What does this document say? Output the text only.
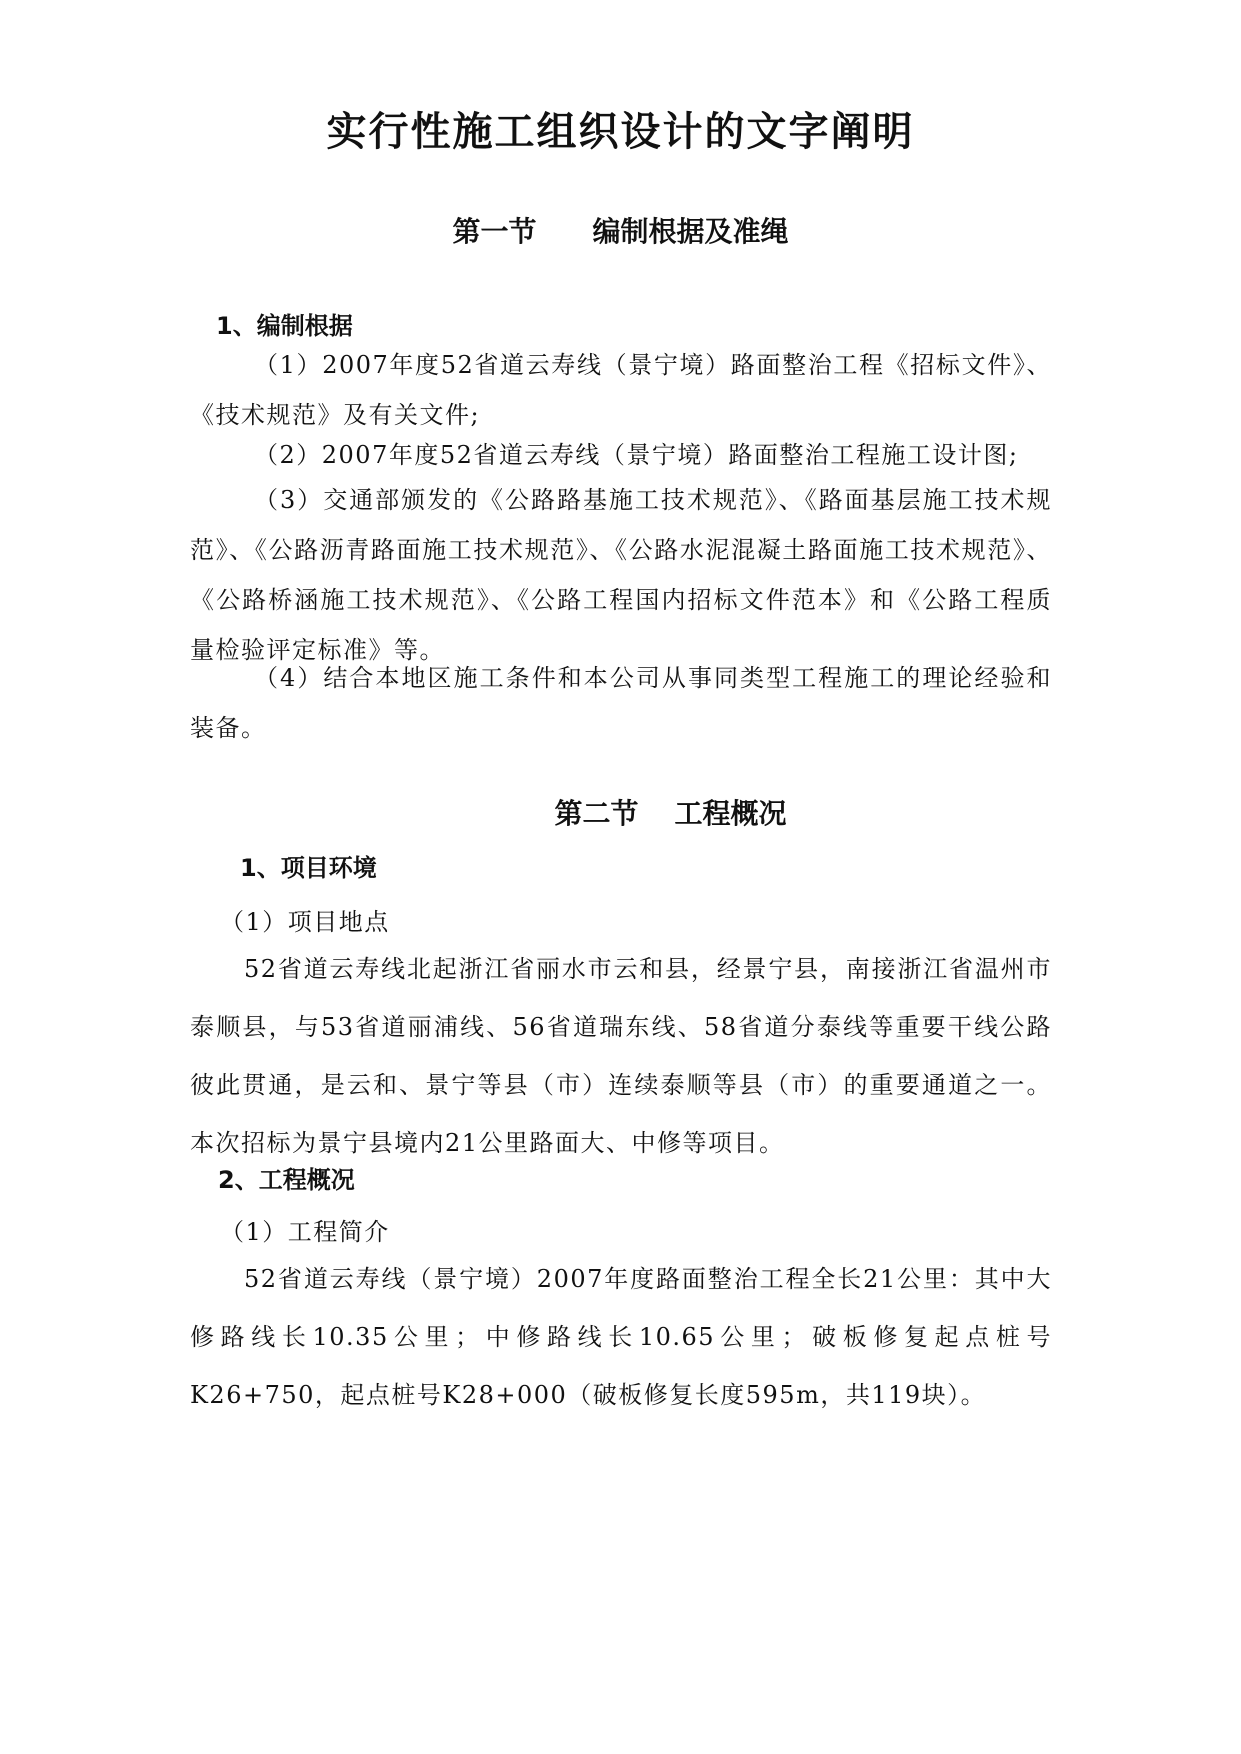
实行性施工组织设计的文字阐明
第一节 编制根据及准绳
1、编制根据
（1）2007年度52省道云寿线（景宁境）路面整治工程《招标文件》、《技术规范》及有关文件;
（2）2007年度52省道云寿线（景宁境）路面整治工程施工设计图;
（3）交通部颁发的《公路路基施工技术规范》、《路面基层施工技术规范》、《公路沥青路面施工技术规范》、《公路水泥混凝土路面施工技术规范》、《公路桥涵施工技术规范》、《公路工程国内招标文件范本》和《公路工程质量检验评定标准》等。
（4）结合本地区施工条件和本公司从事同类型工程施工的理论经验和装备。
第二节 工程概况
1、项目环境
（1）项目地点
52省道云寿线北起浙江省丽水市云和县，经景宁县，南接浙江省温州市泰顺县，与53省道丽浦线、56省道瑞东线、58省道分泰线等重要干线公路彼此贯通，是云和、景宁等县（市）连续泰顺等县（市）的重要通道之一。本次招标为景宁县境内21公里路面大、中修等项目。
2、工程概况
（1）工程简介
52省道云寿线（景宁境）2007年度路面整治工程全长21公里：其中大修路线长10.35公里；中修路线长10.65公里；破板修复起点桩号K26+750，起点桩号K28+000（破板修复长度595m，共119块）。
